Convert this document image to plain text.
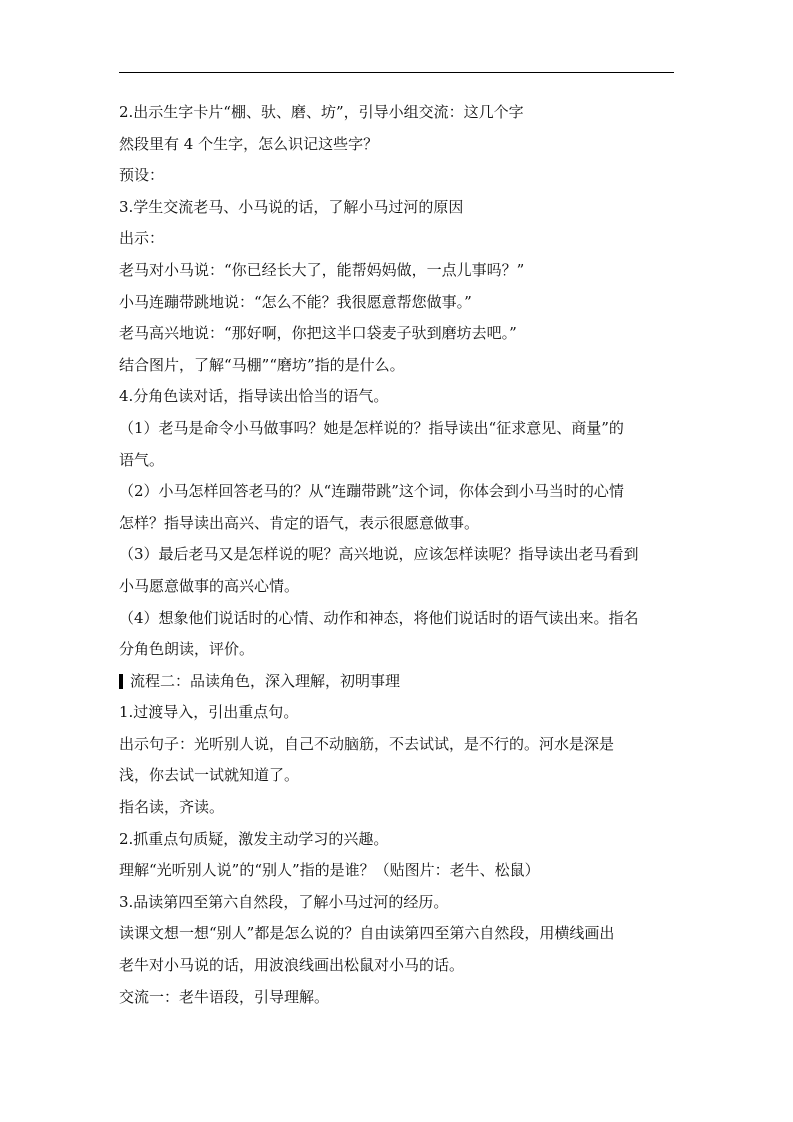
2.出示生字卡片“棚、驮、磨、坊”，引导小组交流：这几个字
然段里有 4 个生字，怎么识记这些字？
预设：
3.学生交流老马、小马说的话，了解小马过河的原因
出示：
老马对小马说：“你已经长大了，能帮妈妈做，一点儿事吗？”
小马连蹦带跳地说：“怎么不能？我很愿意帮您做事。”
老马高兴地说：“那好啊，你把这半口袋麦子驮到磨坊去吧。”
结合图片，了解“马棚”“磨坊”指的是什么。
4.分角色读对话，指导读出恰当的语气。
（1）老马是命令小马做事吗？她是怎样说的？指导读出“征求意见、商量”的
语气。
（2）小马怎样回答老马的？从“连蹦带跳”这个词，你体会到小马当时的心情
怎样？指导读出高兴、肯定的语气，表示很愿意做事。
（3）最后老马又是怎样说的呢？高兴地说，应该怎样读呢？指导读出老马看到
小马愿意做事的高兴心情。
（4）想象他们说话时的心情、动作和神态，将他们说话时的语气读出来。指名
分角色朗读，评价。
流程二：品读角色，深入理解，初明事理
1.过渡导入，引出重点句。
出示句子：光听别人说，自己不动脑筋，不去试试，是不行的。河水是深是
浅，你去试一试就知道了。
指名读，齐读。
2.抓重点句质疑，激发主动学习的兴趣。
理解“光听别人说”的“别人”指的是谁？（贴图片：老牛、松鼠）
3.品读第四至第六自然段，了解小马过河的经历。
读课文想一想“别人”都是怎么说的？自由读第四至第六自然段，用横线画出
老牛对小马说的话，用波浪线画出松鼠对小马的话。
交流一：老牛语段，引导理解。
